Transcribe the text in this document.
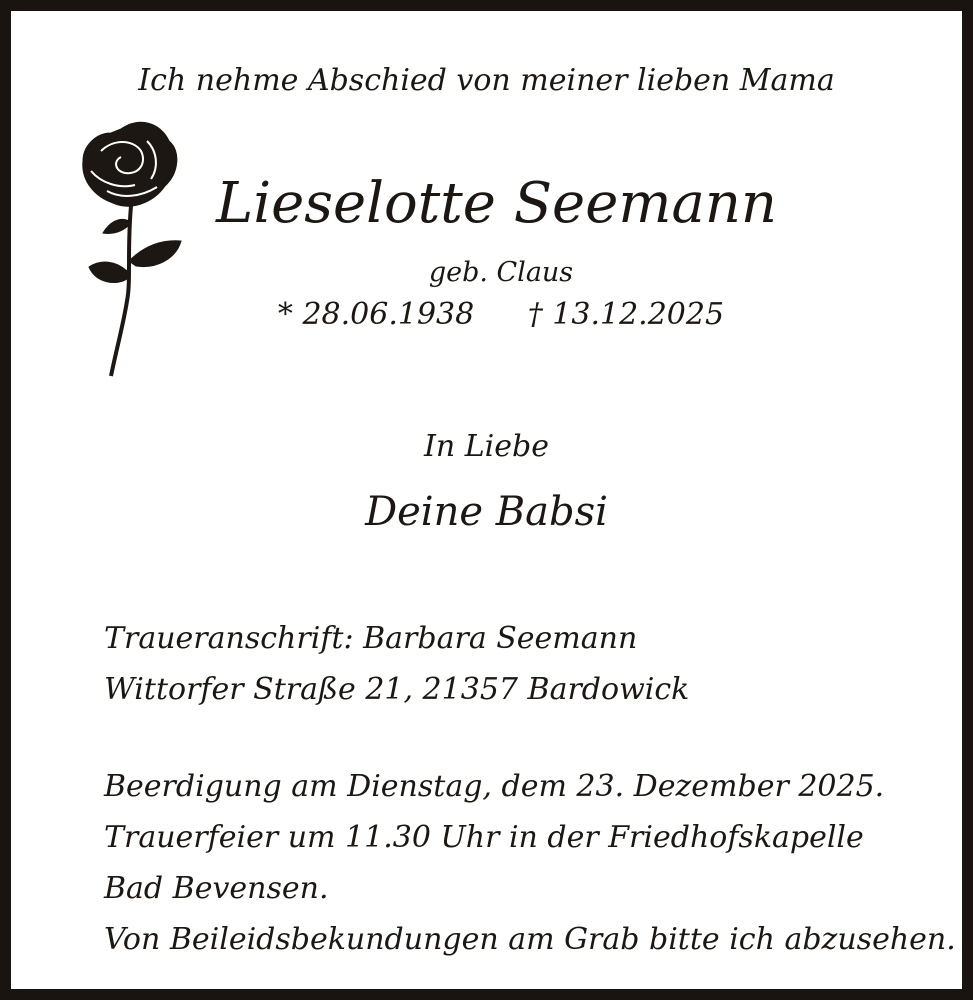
Ich nehme Abschied von meiner lieben Mama
Lieselotte Seemann
geb. Claus
* 28.06.1938 † 13.12.2025
In Liebe
Deine Babsi
Traueranschrift: Barbara Seemann
Wittorfer Straße 21, 21357 Bardowick
Beerdigung am Dienstag, dem 23. Dezember 2025.
Trauerfeier um 11.30 Uhr in der Friedhofskapelle
Bad Bevensen.
Von Beileidsbekundungen am Grab bitte ich abzusehen.
